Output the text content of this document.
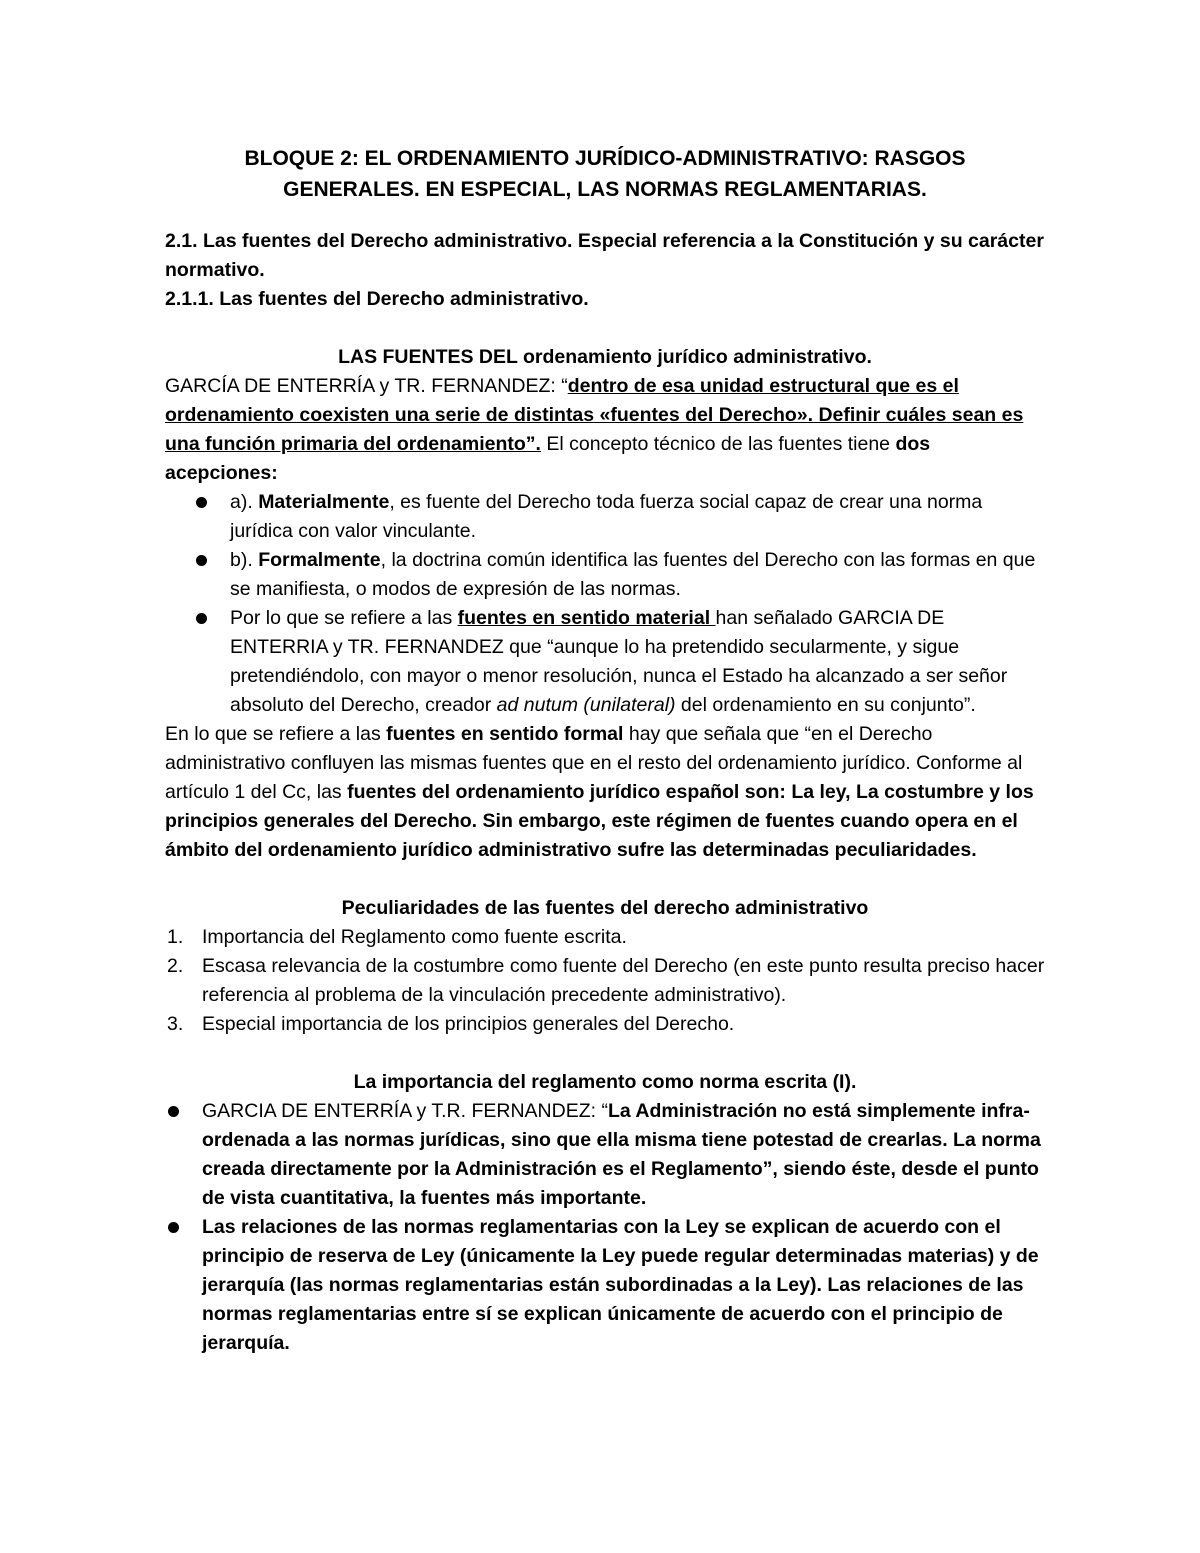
BLOQUE 2: EL ORDENAMIENTO JURÍDICO-ADMINISTRATIVO: RASGOS
GENERALES. EN ESPECIAL, LAS NORMAS REGLAMENTARIAS.

2.1. Las fuentes del Derecho administrativo. Especial referencia a la Constitución y su carácter normativo.

2.1.1. Las fuentes del Derecho administrativo.

LAS FUENTES DEL ordenamiento jurídico administrativo.

GARCÍA DE ENTERRÍA y TR. FERNANDEZ: “dentro de esa unidad estructural que es el ordenamiento coexisten una serie de distintas «fuentes del Derecho». Definir cuáles sean es una función primaria del ordenamiento”. El concepto técnico de las fuentes tiene dos acepciones:

a). Materialmente, es fuente del Derecho toda fuerza social capaz de crear una norma jurídica con valor vinculante.
b). Formalmente, la doctrina común identifica las fuentes del Derecho con las formas en que se manifiesta, o modos de expresión de las normas.
Por lo que se refiere a las fuentes en sentido material han señalado GARCIA DE ENTERRIA y TR. FERNANDEZ que “aunque lo ha pretendido secularmente, y sigue pretendiéndolo, con mayor o menor resolución, nunca el Estado ha alcanzado a ser señor absoluto del Derecho, creador ad nutum (unilateral) del ordenamiento en su conjunto”.

En lo que se refiere a las fuentes en sentido formal hay que señala que “en el Derecho administrativo confluyen las mismas fuentes que en el resto del ordenamiento jurídico. Conforme al artículo 1 del Cc, las fuentes del ordenamiento jurídico español son: La ley, La costumbre y los principios generales del Derecho. Sin embargo, este régimen de fuentes cuando opera en el ámbito del ordenamiento jurídico administrativo sufre las determinadas peculiaridades.

Peculiaridades de las fuentes del derecho administrativo

1. Importancia del Reglamento como fuente escrita.
2. Escasa relevancia de la costumbre como fuente del Derecho (en este punto resulta preciso hacer referencia al problema de la vinculación precedente administrativo).
3. Especial importancia de los principios generales del Derecho.

La importancia del reglamento como norma escrita (I).

GARCIA DE ENTERRÍA y T.R. FERNANDEZ: “La Administración no está simplemente infra-ordenada a las normas jurídicas, sino que ella misma tiene potestad de crearlas. La norma creada directamente por la Administración es el Reglamento”, siendo éste, desde el punto de vista cuantitativa, la fuentes más importante.
Las relaciones de las normas reglamentarias con la Ley se explican de acuerdo con el principio de reserva de Ley (únicamente la Ley puede regular determinadas materias) y de jerarquía (las normas reglamentarias están subordinadas a la Ley). Las relaciones de las normas reglamentarias entre sí se explican únicamente de acuerdo con el principio de jerarquía.
